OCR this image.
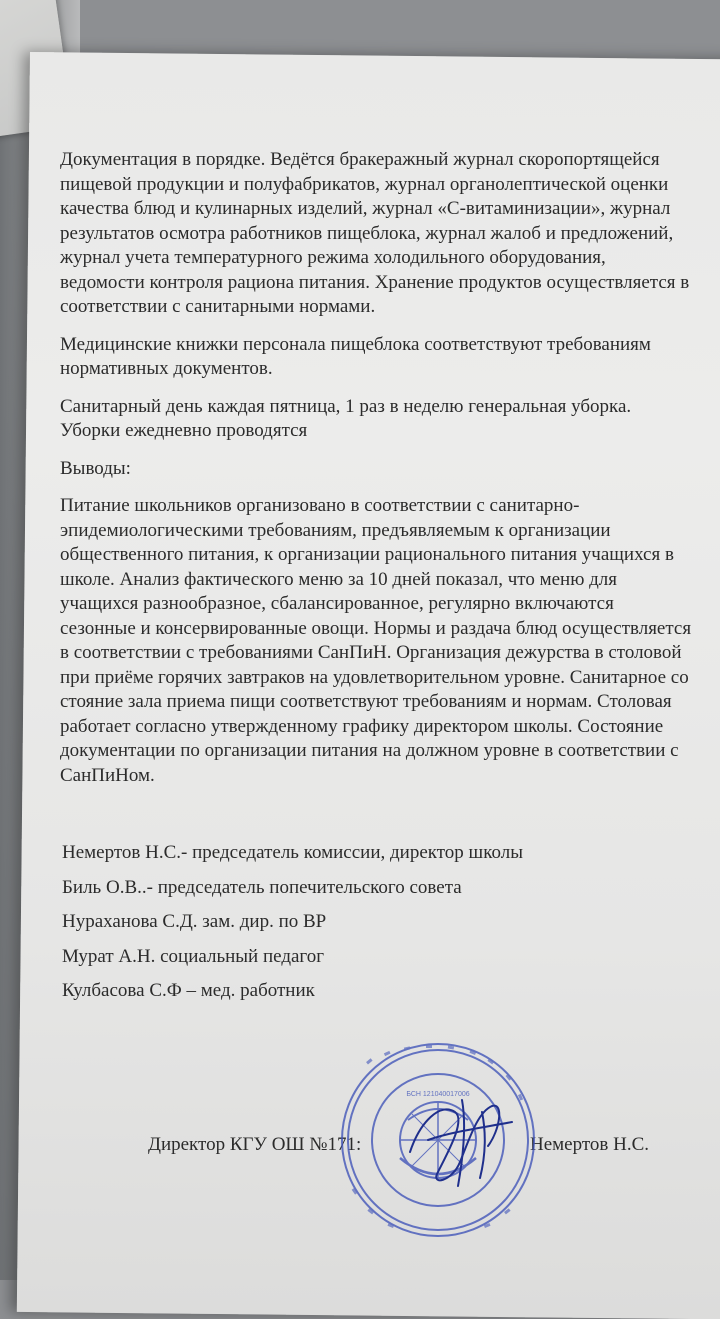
Документация в порядке. Ведётся бракеражный журнал скоропортящейся
пищевой продукции и полуфабрикатов, журнал органолептической оценки
качества блюд и кулинарных изделий, журнал «С-витаминизации», журнал
результатов осмотра работников пищеблока, журнал жалоб и предложений,
журнал учета температурного режима холодильного оборудования,
ведомости контроля рациона питания. Хранение продуктов осуществляется в
соответствии с санитарными нормами.

Медицинские книжки персонала пищеблока соответствуют требованиям
нормативных документов.

Санитарный день каждая пятница, 1 раз в неделю генеральная уборка.
Уборки ежедневно проводятся

Выводы:

Питание школьников организовано в соответствии с санитарно-
эпидемиологическими требованиям, предъявляемым к организации
общественного питания, к организации рационального питания учащихся в
школе. Анализ фактического меню за 10 дней показал, что меню для
учащихся разнообразное, сбалансированное, регулярно включаются
сезонные и консервированные овощи. Нормы и раздача блюд осуществляется
в соответствии с требованиями СанПиН. Организация дежурства в столовой
при приёме горячих завтраков на удовлетворительном уровне. Санитарное со
стояние зала приема пищи соответствуют требованиям и нормам. Столовая
работает согласно утвержденному графику директором школы. Состояние
документации по организации питания на должном уровне в соответствии с
СанПиНом.

Немертов Н.С.- председатель комиссии, директор школы
Биль О.В..- председатель попечительского совета
Нураханова С.Д. зам. дир. по ВР
Мурат А.Н. социальный педагог
Кулбасова С.Ф – мед. работник
Директор КГУ ОШ №171:	Немертов Н.С.
БСН 121040017006
